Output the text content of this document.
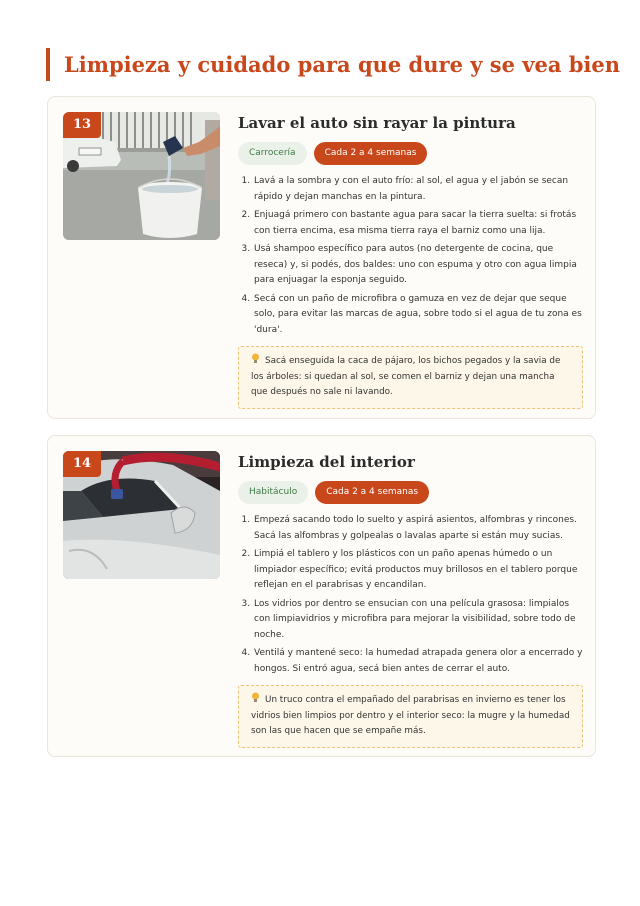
Limpieza y cuidado para que dure y se vea bien
13	Lavar el auto sin rayar la pintura
Carrocería	Cada 2 a 4 semanas
1. Lavá a la sombra y con el auto frío: al sol, el agua y el jabón se secan rápido y dejan manchas en la pintura.
2. Enjuagá primero con bastante agua para sacar la tierra suelta: si frotás con tierra encima, esa misma tierra raya el barniz como una lija.
3. Usá shampoo específico para autos (no detergente de cocina, que reseca) y, si podés, dos baldes: uno con espuma y otro con agua limpia para enjuagar la esponja seguido.
4. Secá con un paño de microfibra o gamuza en vez de dejar que seque solo, para evitar las marcas de agua, sobre todo si el agua de tu zona es 'dura'.
Sacá enseguida la caca de pájaro, los bichos pegados y la savia de los árboles: si quedan al sol, se comen el barniz y dejan una mancha que después no sale ni lavando.
14	Limpieza del interior
Habitáculo	Cada 2 a 4 semanas
1. Empezá sacando todo lo suelto y aspirá asientos, alfombras y rincones. Sacá las alfombras y golpealas o lavalas aparte si están muy sucias.
2. Limpiá el tablero y los plásticos con un paño apenas húmedo o un limpiador específico; evitá productos muy brillosos en el tablero porque reflejan en el parabrisas y encandilan.
3. Los vidrios por dentro se ensucian con una película grasosa: limpialos con limpiavidrios y microfibra para mejorar la visibilidad, sobre todo de noche.
4. Ventilá y mantené seco: la humedad atrapada genera olor a encerrado y hongos. Si entró agua, secá bien antes de cerrar el auto.
Un truco contra el empañado del parabrisas en invierno es tener los vidrios bien limpios por dentro y el interior seco: la mugre y la humedad son las que hacen que se empañe más.
